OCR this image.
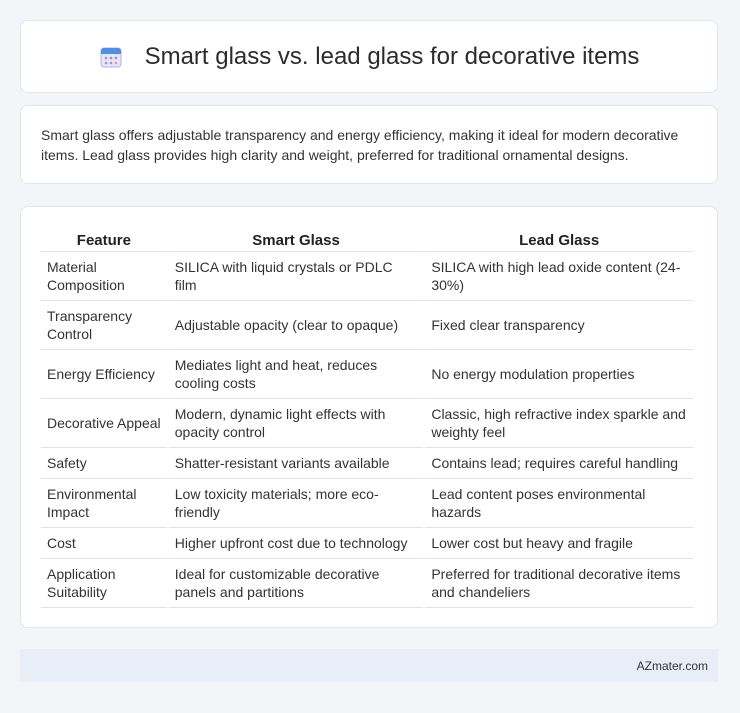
Smart glass vs. lead glass for decorative items

Smart glass offers adjustable transparency and energy efficiency, making it ideal for modern decorative items. Lead glass provides high clarity and weight, preferred for traditional ornamental designs.

Feature	Smart Glass	Lead Glass
Material Composition	SILICA with liquid crystals or PDLC film	SILICA with high lead oxide content (24-30%)
Transparency Control	Adjustable opacity (clear to opaque)	Fixed clear transparency
Energy Efficiency	Mediates light and heat, reduces cooling costs	No energy modulation properties
Decorative Appeal	Modern, dynamic light effects with opacity control	Classic, high refractive index sparkle and weighty feel
Safety	Shatter-resistant variants available	Contains lead; requires careful handling
Environmental Impact	Low toxicity materials; more eco-friendly	Lead content poses environmental hazards
Cost	Higher upfront cost due to technology	Lower cost but heavy and fragile
Application Suitability	Ideal for customizable decorative panels and partitions	Preferred for traditional decorative items and chandeliers
AZmater.com
